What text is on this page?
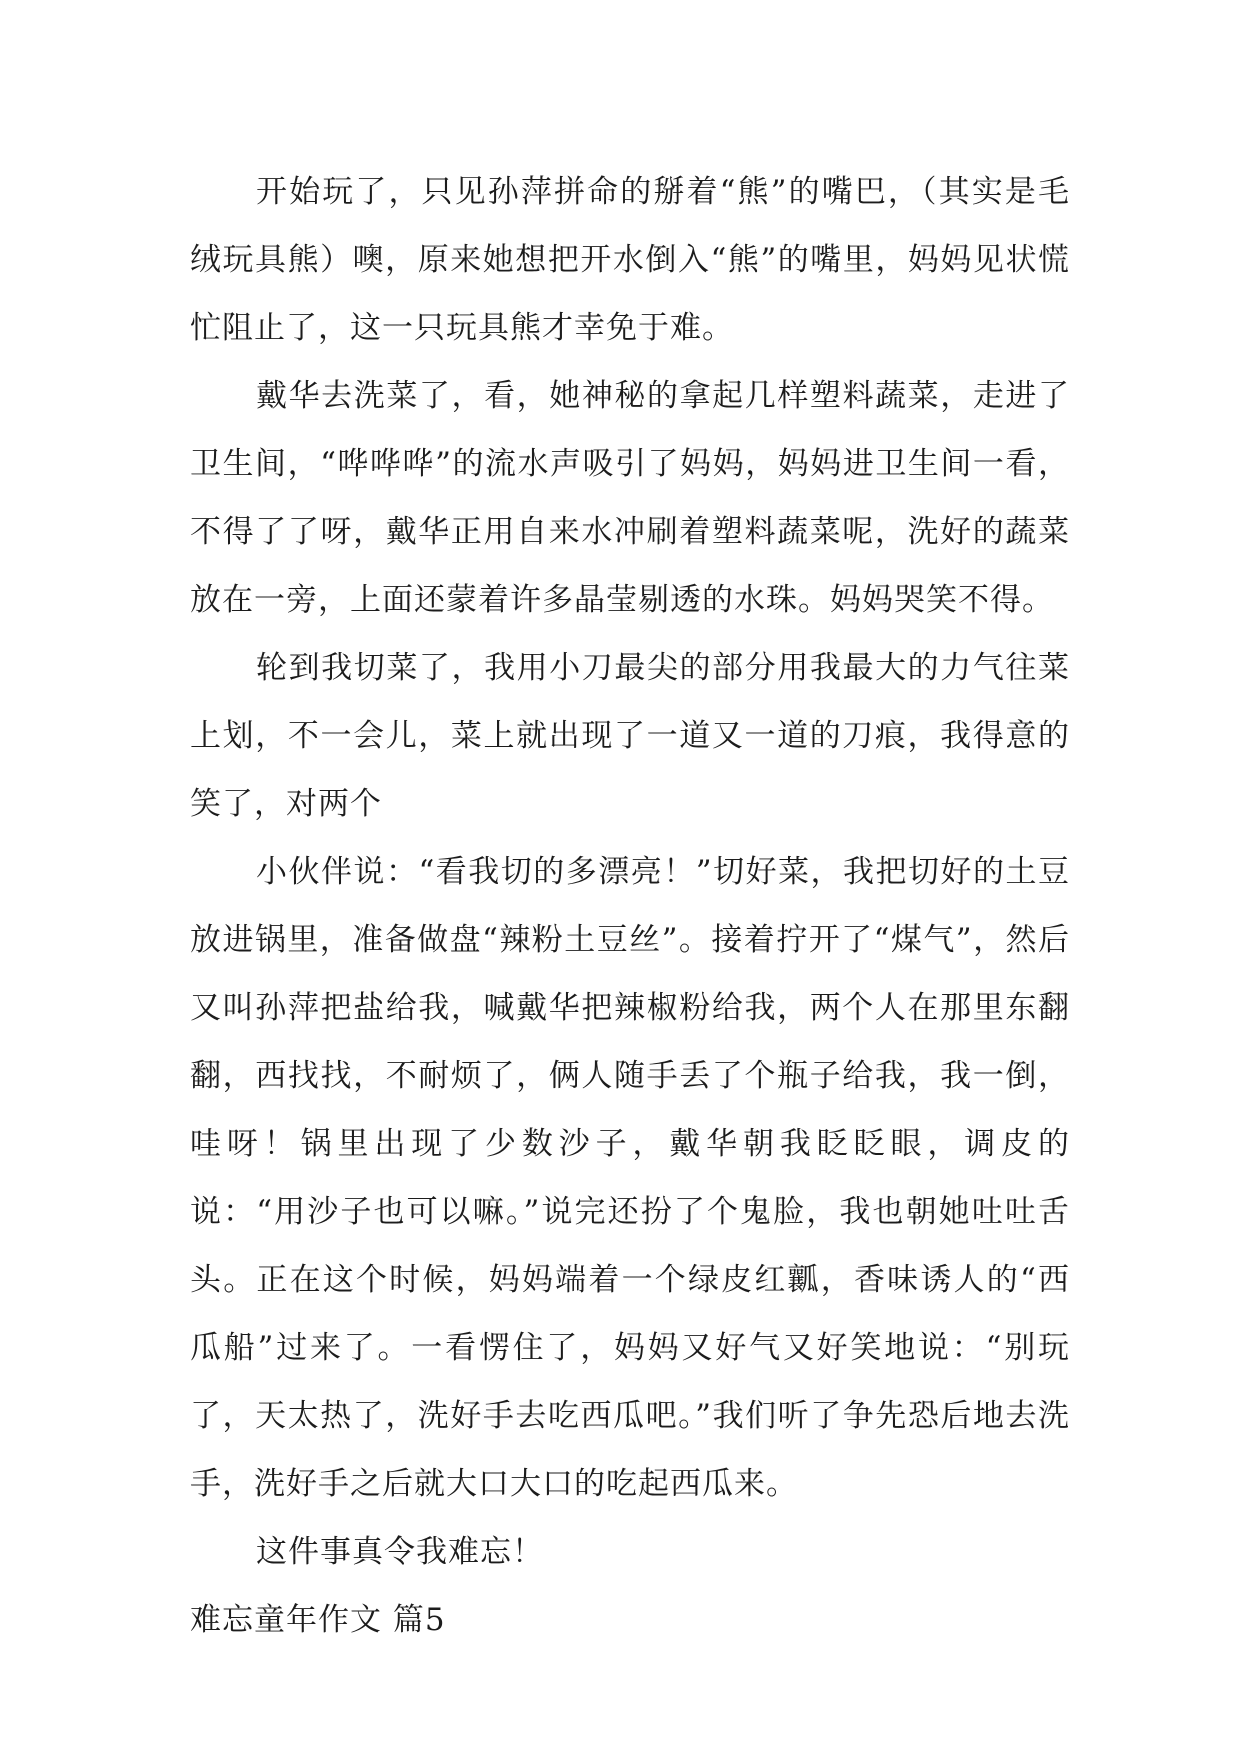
开始玩了，只见孙萍拼命的掰着“熊”的嘴巴，（其实是毛绒玩具熊）噢，原来她想把开水倒入“熊”的嘴里，妈妈见状慌忙阻止了，这一只玩具熊才幸免于难。

戴华去洗菜了，看，她神秘的拿起几样塑料蔬菜，走进了卫生间，“哗哗哗”的流水声吸引了妈妈，妈妈进卫生间一看，不得了了呀，戴华正用自来水冲刷着塑料蔬菜呢，洗好的蔬菜放在一旁，上面还蒙着许多晶莹剔透的水珠。妈妈哭笑不得。

轮到我切菜了，我用小刀最尖的部分用我最大的力气往菜上划，不一会儿，菜上就出现了一道又一道的刀痕，我得意的笑了，对两个

小伙伴说：“看我切的多漂亮！”切好菜，我把切好的土豆放进锅里，准备做盘“辣粉土豆丝”。接着拧开了“煤气”，然后又叫孙萍把盐给我，喊戴华把辣椒粉给我，两个人在那里东翻翻，西找找，不耐烦了，俩人随手丢了个瓶子给我，我一倒，哇呀！锅里出现了少数沙子，戴华朝我眨眨眼，调皮的说：“用沙子也可以嘛。”说完还扮了个鬼脸，我也朝她吐吐舌头。正在这个时候，妈妈端着一个绿皮红瓤，香味诱人的“西瓜船”过来了。一看愣住了，妈妈又好气又好笑地说：“别玩了，天太热了，洗好手去吃西瓜吧。”我们听了争先恐后地去洗手，洗好手之后就大口大口的吃起西瓜来。

这件事真令我难忘！

难忘童年作文 篇5
